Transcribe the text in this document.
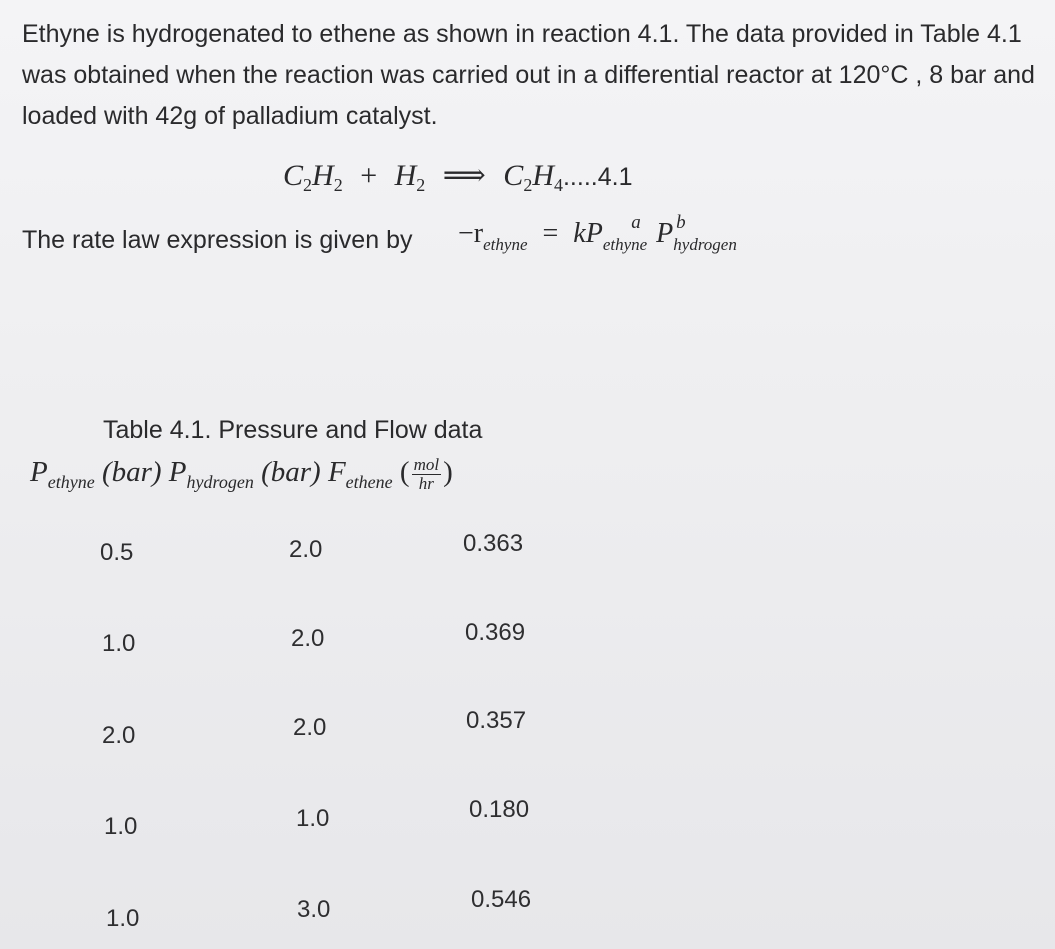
Ethyne is hydrogenated to ethene as shown in reaction 4.1. The data provided in Table 4.1 was obtained when the reaction was carried out in a differential reactor at 120°C , 8 bar and loaded with 42g of palladium catalyst.

$C_2H_2 + H_2$ ⟹ $C_2H_4.....4.1$
The rate law expression is given by $-r_{ethyne}$ = kP a
$_{ethyne}$ P b
$_{hydrogen}$
Table 4.1. Pressure and Flow data
$P_{ethyne}$ (bar) $P_{hydrogen}$ (bar) $F_{ethene}$ ( $\frac{\text{mol}}{hr}$ )
0.5	2.0	0.363
1.0	2.0	0.369
2.0	2.0	0.357
1.0	1.0	0.180
1.0	3.0	0.546
